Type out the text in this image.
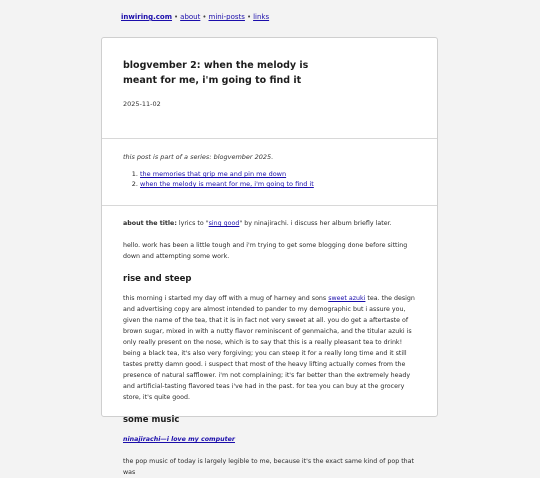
inwiring.com • about • mini-posts • links
blogvember 2: when the melody is
meant for me, i'm going to find it
2025-11-02

this post is part of a series: blogvember 2025.

1. the memories that grip me and pin me down
2. when the melody is meant for me, i'm going to find it

about the title: lyrics to "sing good" by ninajirachi. i discuss her album briefly later.

hello. work has been a little tough and i'm trying to get some blogging done before sitting down and attempting some work.

rise and steep

this morning i started my day off with a mug of harney and sons sweet azuki tea. the design and advertising copy are almost intended to pander to my demographic but i assure you, given the name of the tea, that it is in fact not very sweet at all. you do get a aftertaste of brown sugar, mixed in with a nutty flavor reminiscent of genmaicha, and the titular azuki is only really present on the nose, which is to say that this is a really pleasant tea to drink! being a black tea, it's also very forgiving; you can steep it for a really long time and it still tastes pretty damn good. i suspect that most of the heavy lifting actually comes from the presence of natural safflower. i'm not complaining; it's far better than the extremely heady and artificial-tasting flavored teas i've had in the past. for tea you can buy at the grocery store, it's quite good.

some music

ninajirachi—i love my computer

the pop music of today is largely legible to me, because it's the exact same kind of pop that was
